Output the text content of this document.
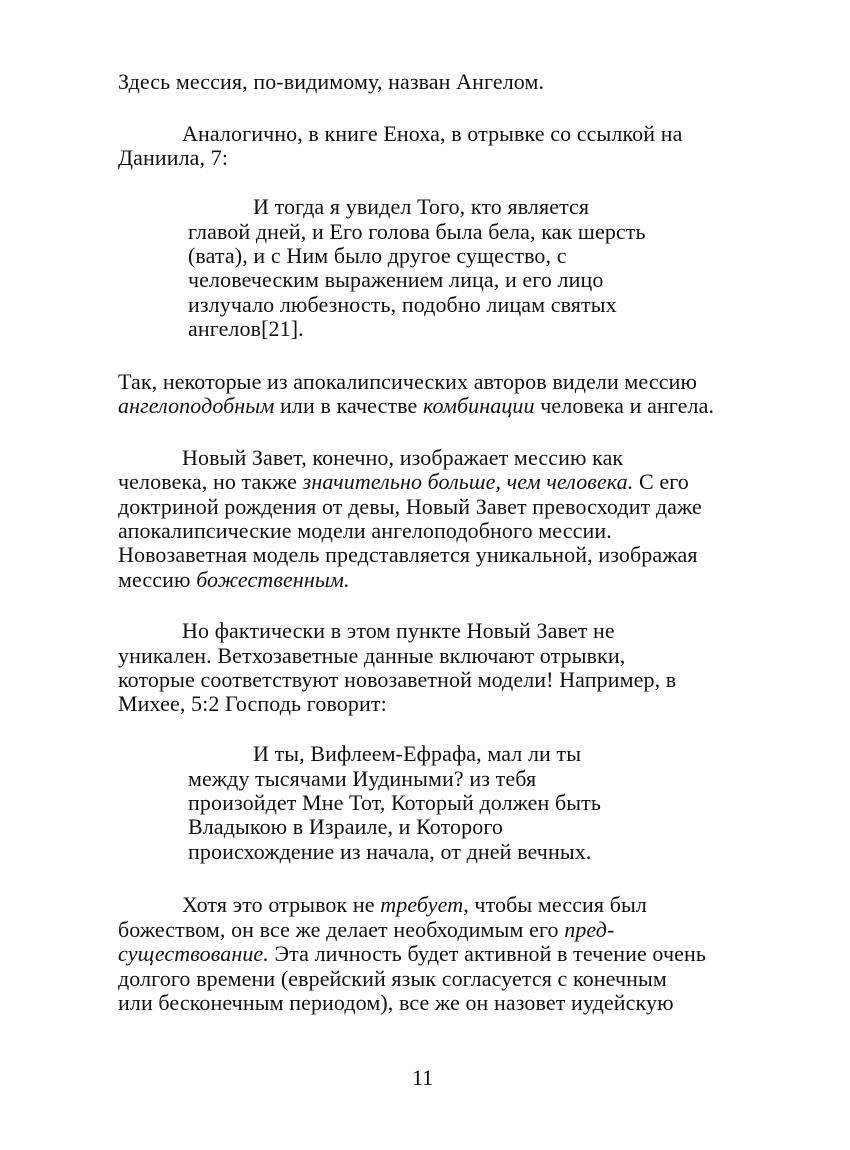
Здесь мессия, по-видимому, назван Ангелом.
Аналогично, в книге Еноха, в отрывке со ссылкой на
Даниила, 7:
И тогда я увидел Того, кто является
главой дней, и Его голова была бела, как шерсть
(вата), и с Ним было другое существо, с
человеческим выражением лица, и его лицо
излучало любезность, подобно лицам святых
ангелов[21].
Так, некоторые из апокалипсических авторов видели мессию
ангелоподобным или в качестве комбинации человека и ангела.
Новый Завет, конечно, изображает мессию как
человека, но также значительно больше, чем человека. С его
доктриной рождения от девы, Новый Завет превосходит даже
апокалипсические модели ангелоподобного мессии.
Новозаветная модель представляется уникальной, изображая
мессию божественным.
Но фактически в этом пункте Новый Завет не
уникален. Ветхозаветные данные включают отрывки,
которые соответствуют новозаветной модели! Например, в
Михее, 5:2 Господь говорит:
И ты, Вифлеем-Ефрафа, мал ли ты
между тысячами Иудиными? из тебя
произойдет Мне Тот, Который должен быть
Владыкою в Израиле, и Которого
происхождение из начала, от дней вечных.
Хотя это отрывок не требует, чтобы мессия был
божеством, он все же делает необходимым его пред-
существование. Эта личность будет активной в течение очень
долгого времени (еврейский язык согласуется с конечным
или бесконечным периодом), все же он назовет иудейскую
11
